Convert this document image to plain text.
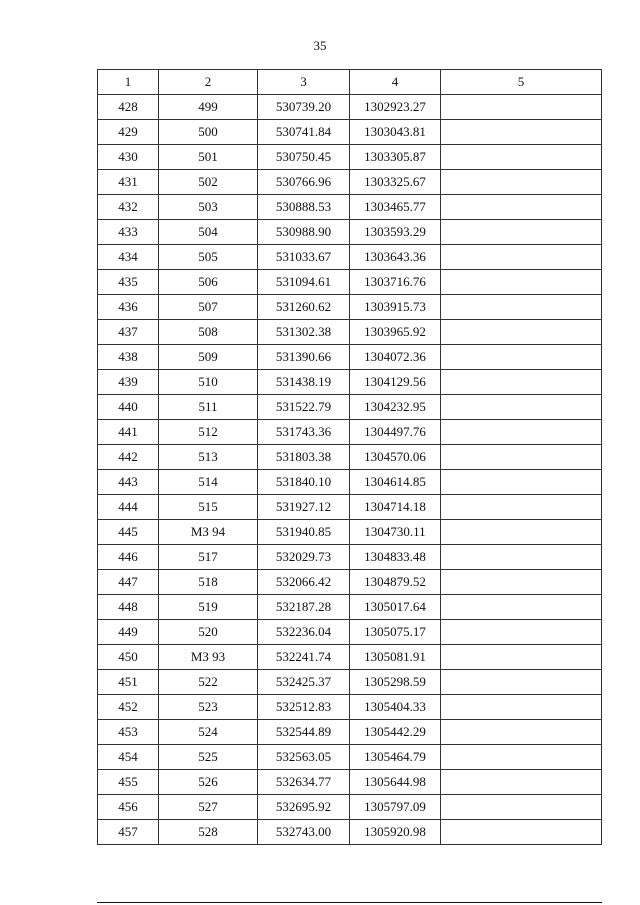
35
1	2	3	4	5
428	499	530739.20	1302923.27	
429	500	530741.84	1303043.81	
430	501	530750.45	1303305.87	
431	502	530766.96	1303325.67	
432	503	530888.53	1303465.77	
433	504	530988.90	1303593.29	
434	505	531033.67	1303643.36	
435	506	531094.61	1303716.76	
436	507	531260.62	1303915.73	
437	508	531302.38	1303965.92	
438	509	531390.66	1304072.36	
439	510	531438.19	1304129.56	
440	511	531522.79	1304232.95	
441	512	531743.36	1304497.76	
442	513	531803.38	1304570.06	
443	514	531840.10	1304614.85	
444	515	531927.12	1304714.18	
445	МЗ 94	531940.85	1304730.11	
446	517	532029.73	1304833.48	
447	518	532066.42	1304879.52	
448	519	532187.28	1305017.64	
449	520	532236.04	1305075.17	
450	МЗ 93	532241.74	1305081.91	
451	522	532425.37	1305298.59	
452	523	532512.83	1305404.33	
453	524	532544.89	1305442.29	
454	525	532563.05	1305464.79	
455	526	532634.77	1305644.98	
456	527	532695.92	1305797.09	
457	528	532743.00	1305920.98	
